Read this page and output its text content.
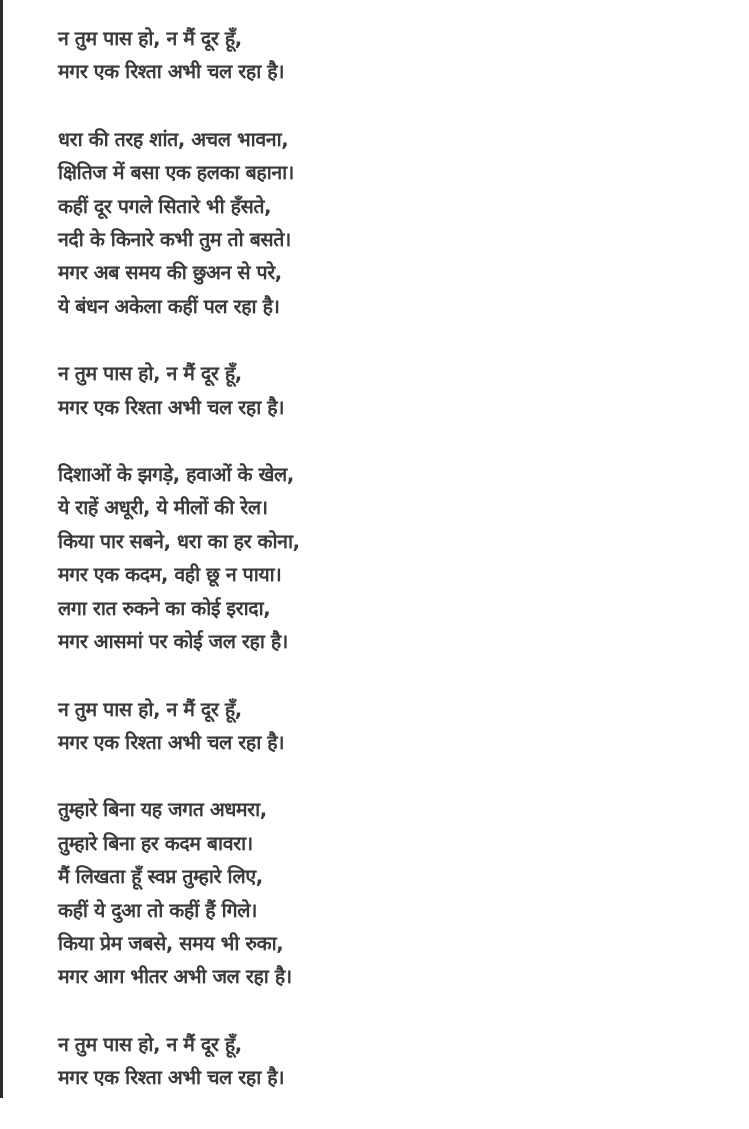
न तुम पास हो, न मैं दूर हूँ,
मगर एक रिश्ता अभी चल रहा है।
धरा की तरह शांत, अचल भावना,
क्षितिज में बसा एक हलका बहाना।
कहीं दूर पगले सितारे भी हँसते,
नदी के किनारे कभी तुम तो बसते।
मगर अब समय की छुअन से परे,
ये बंधन अकेला कहीं पल रहा है।
न तुम पास हो, न मैं दूर हूँ,
मगर एक रिश्ता अभी चल रहा है।
दिशाओं के झगड़े, हवाओं के खेल,
ये राहें अधूरी, ये मीलों की रेल।
किया पार सबने, धरा का हर कोना,
मगर एक कदम, वही छू न पाया।
लगा रात रुकने का कोई इरादा,
मगर आसमां पर कोई जल रहा है।
न तुम पास हो, न मैं दूर हूँ,
मगर एक रिश्ता अभी चल रहा है।
तुम्हारे बिना यह जगत अधमरा,
तुम्हारे बिना हर कदम बावरा।
मैं लिखता हूँ स्वप्न तुम्हारे लिए,
कहीं ये दुआ तो कहीं हैं गिले।
किया प्रेम जबसे, समय भी रुका,
मगर आग भीतर अभी जल रहा है।
न तुम पास हो, न मैं दूर हूँ,
मगर एक रिश्ता अभी चल रहा है।
